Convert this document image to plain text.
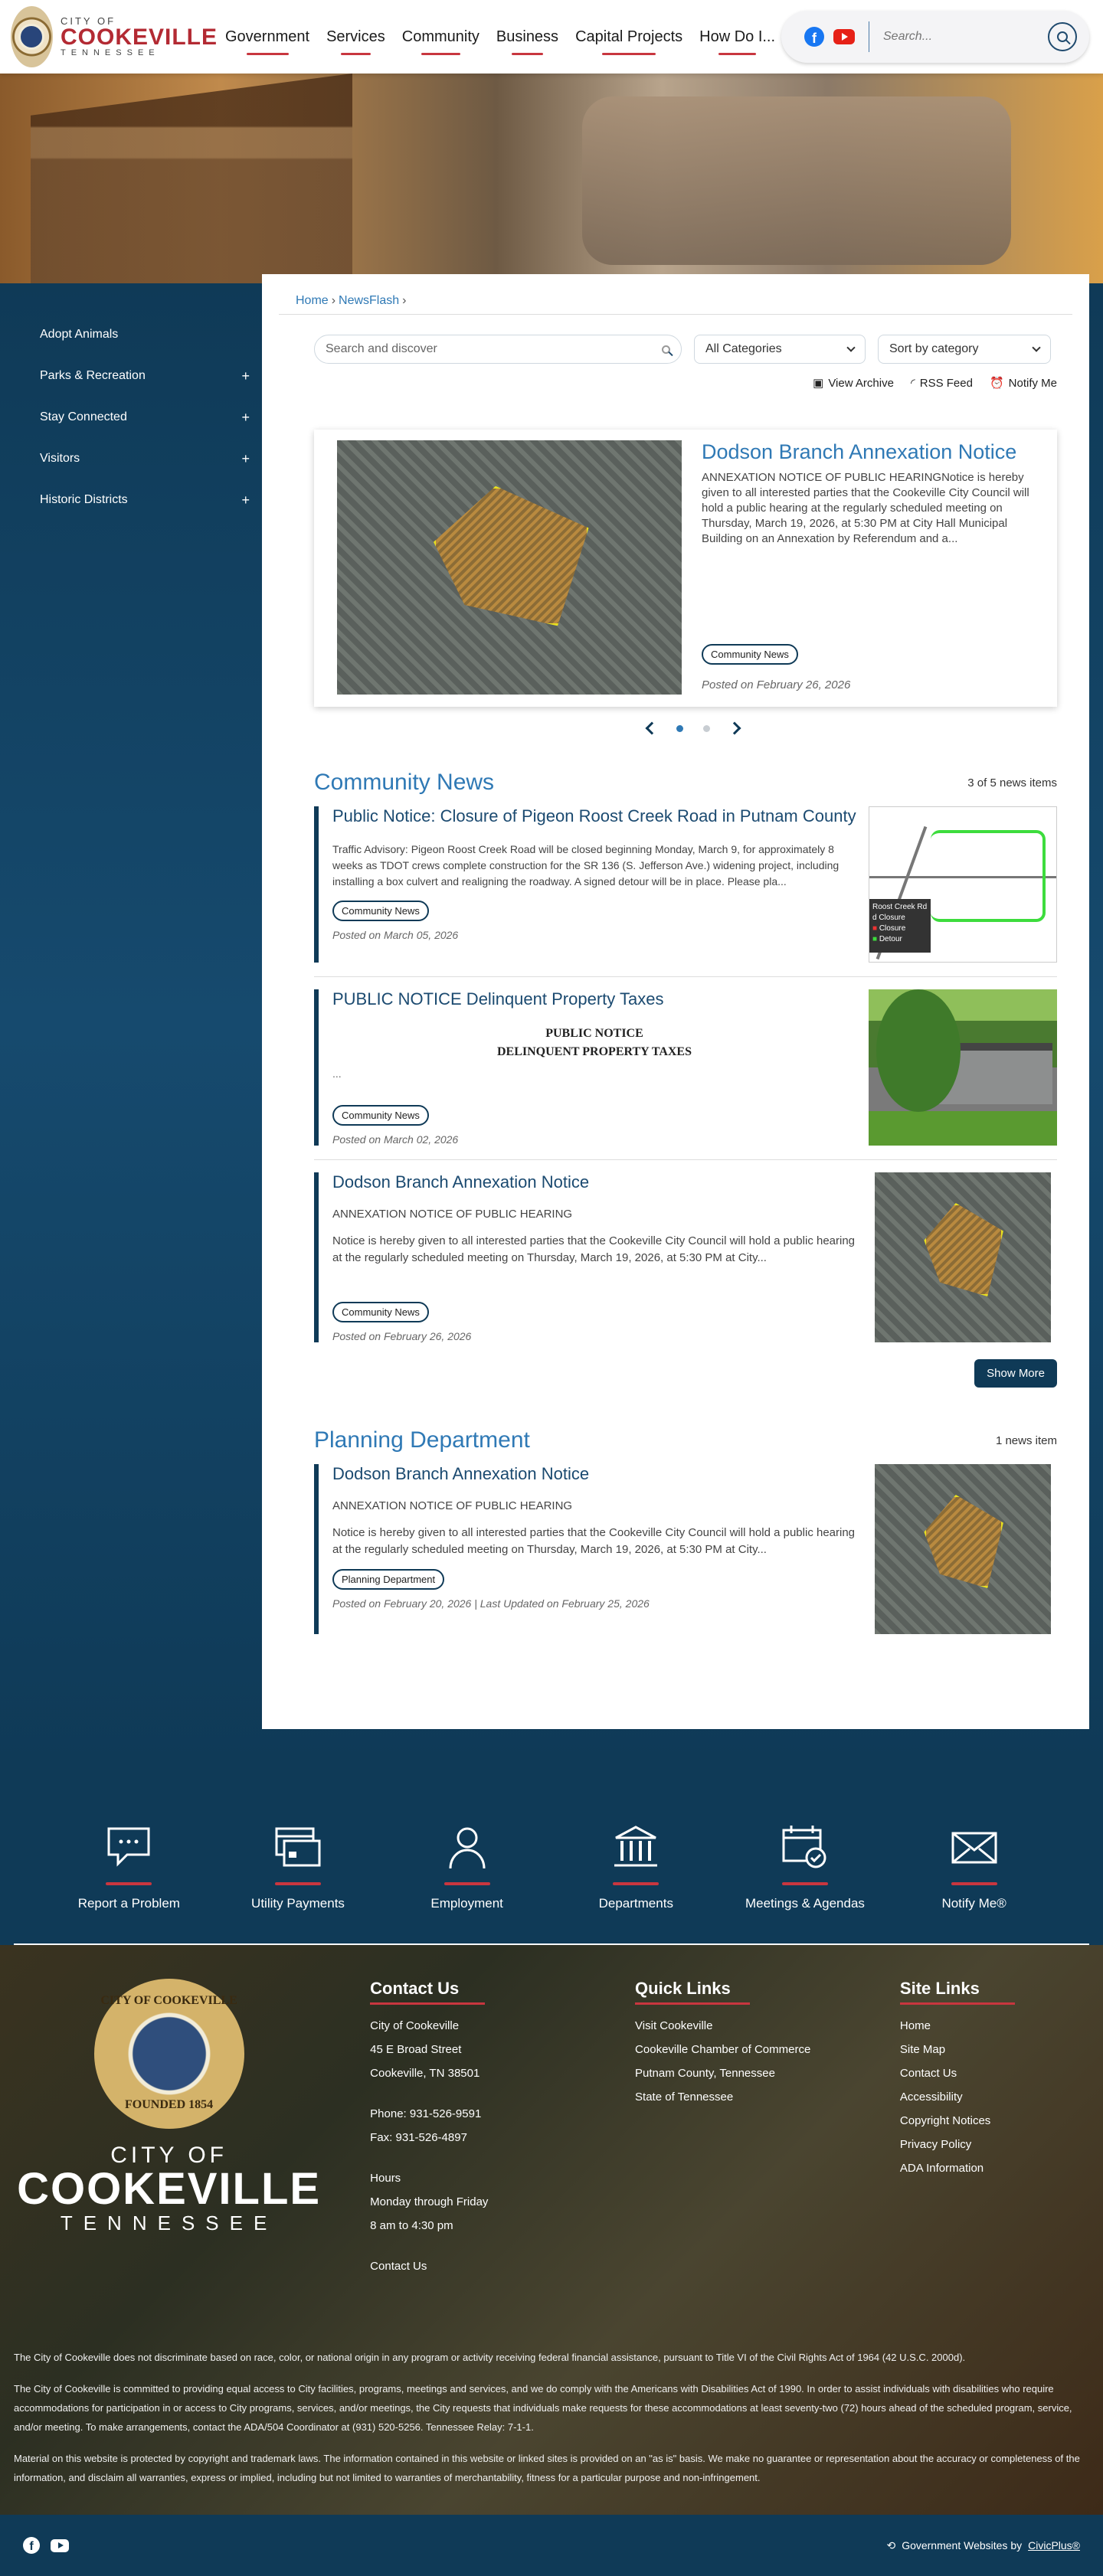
CITY OF
COOKEVILLE
TENNESSEE
Government Services Community Business Capital Projects How Do I...	f
Search...
Adopt Animals
Parks & Recreation	+
Stay Connected	+
Visitors	+
Historic Districts	+
Home › NewsFlash ›
Search and discover	All Categories	Sort by category
▣ View Archive ◜ RSS Feed ⏰ Notify Me
Dodson Branch Annexation Notice

ANNEXATION NOTICE OF PUBLIC HEARINGNotice is hereby given to all interested parties that the Cookeville City Council will hold a public hearing at the regularly scheduled meeting on Thursday, March 19, 2026, at 5:30 PM at City Hall Municipal Building on an Annexation by Referendum and a...

Community News
Posted on February 26, 2026
Community News	3 of 5 news items
Public Notice: Closure of Pigeon Roost Creek Road in Putnam County

Traffic Advisory: Pigeon Roost Creek Road will be closed beginning Monday, March 9, for approximately 8 weeks as TDOT crews complete construction for the SR 136 (S. Jefferson Ave.) widening project, including installing a box culvert and realigning the roadway. A signed detour will be in place. Please pla...

Community News
Posted on March 05, 2026
Roost Creek Rd d Closure
■ Closure
■ Detour
PUBLIC NOTICE Delinquent Property Taxes
PUBLIC NOTICE
DELINQUENT PROPERTY TAXES
...
Community News
Posted on March 02, 2026
Dodson Branch Annexation Notice
ANNEXATION NOTICE OF PUBLIC HEARING

Notice is hereby given to all interested parties that the Cookeville City Council will hold a public hearing at the regularly scheduled meeting on Thursday, March 19, 2026, at 5:30 PM at City...

Community News
Posted on February 26, 2026
Show More
Planning Department	1 news item
Dodson Branch Annexation Notice
ANNEXATION NOTICE OF PUBLIC HEARING

Notice is hereby given to all interested parties that the Cookeville City Council will hold a public hearing at the regularly scheduled meeting on Thursday, March 19, 2026, at 5:30 PM at City...

Planning Department
Posted on February 20, 2026 | Last Updated on February 25, 2026
Report a Problem	Utility Payments	Employment	Departments	Meetings & Agendas	Notify Me®
CITY OF COOKEVILLE
FOUNDED 1854
CITY OF
COOKEVILLE
TENNESSEE
Contact Us
City of Cookeville
45 E Broad Street
Cookeville, TN 38501
Phone: 931-526-9591
Fax: 931-526-4897
Hours
Monday through Friday
8 am to 4:30 pm
Contact Us
Quick Links
Visit Cookeville
Cookeville Chamber of Commerce
Putnam County, Tennessee
State of Tennessee
Site Links
Home
Site Map
Contact Us
Accessibility
Copyright Notices
Privacy Policy
ADA Information

The City of Cookeville does not discriminate based on race, color, or national origin in any program or activity receiving federal financial assistance, pursuant to Title VI of the Civil Rights Act of 1964 (42 U.S.C. 2000d).

The City of Cookeville is committed to providing equal access to City facilities, programs, meetings and services, and we do comply with the Americans with Disabilities Act of 1990. In order to assist individuals with disabilities who require accommodations for participation in or access to City programs, services, and/or meetings, the City requests that individuals make requests for these accommodations at least seventy-two (72) hours ahead of the scheduled program, service, and/or meeting. To make arrangements, contact the ADA/504 Coordinator at (931) 520-5256. Tennessee Relay: 7-1-1.

Material on this website is protected by copyright and trademark laws. The information contained in this website or linked sites is provided on an "as is" basis. We make no guarantee or representation about the accuracy or completeness of the information, and disclaim all warranties, express or implied, including but not limited to warranties of merchantability, fitness for a particular purpose and non-infringement.

f	⟲ Government Websites by CivicPlus®
